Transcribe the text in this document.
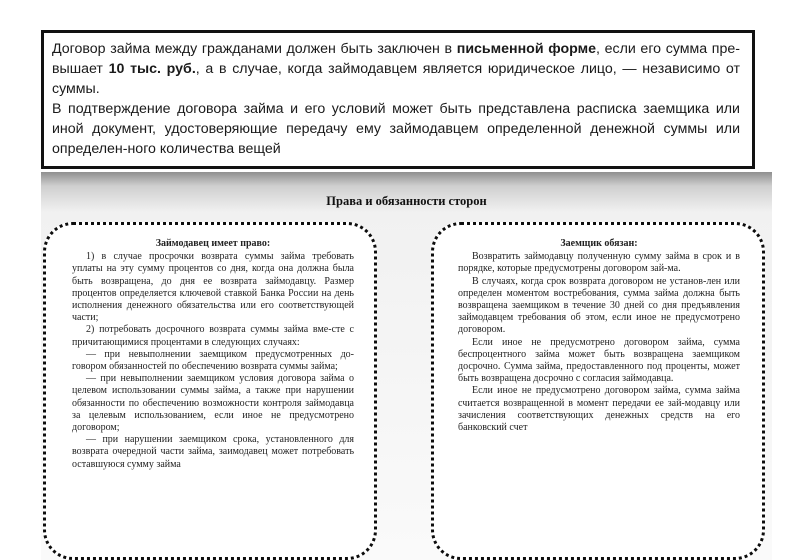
Договор займа между гражданами должен быть заключен в письменной форме, если его сумма пре-вышает 10 тыс. руб., а в случае, когда займодавцем является юридическое лицо, — независимо от суммы.

В подтверждение договора займа и его условий может быть представлена расписка заемщика или иной документ, удостоверяющие передачу ему займодавцем определенной денежной суммы или определен-ного количества вещей

Права и обязанности сторон
Займодавец имеет право:

1) в случае просрочки возврата суммы займа требовать уплаты на эту сумму процентов со дня, когда она должна была быть возвращена, до дня ее возврата займодавцу. Размер процентов определяется ключевой ставкой Банка России на день исполнения денежного обязательства или его соответствующей части;

2) потребовать досрочного возврата суммы займа вме-сте с причитающимися процентами в следующих случаях:

— при невыполнении заемщиком предусмотренных до-говором обязанностей по обеспечению возврата суммы займа;

— при невыполнении заемщиком условия договора займа о целевом использовании суммы займа, а также при нарушении обязанности по обеспечению возможности контроля займодавца за целевым использованием, если иное не предусмотрено договором;

— при нарушении заемщиком срока, установленного для возврата очередной части займа, заимодавец может потребовать оставшуюся сумму займа

Заемщик обязан:

Возвратить займодавцу полученную сумму займа в срок и в порядке, которые предусмотрены договором зай-ма.

В случаях, когда срок возврата договором не установ-лен или определен моментом востребования, сумма займа должна быть возвращена заемщиком в течение 30 дней со дня предъявления займодавцем требования об этом, если иное не предусмотрено договором.

Если иное не предусмотрено договором займа, сумма беспроцентного займа может быть возвращена заемщиком досрочно. Сумма займа, предоставленного под проценты, может быть возвращена досрочно с согласия займодавца.

Если иное не предусмотрено договором займа, сумма займа считается возвращенной в момент передачи ее зай-модавцу или зачисления соответствующих денежных средств на его банковский счет
